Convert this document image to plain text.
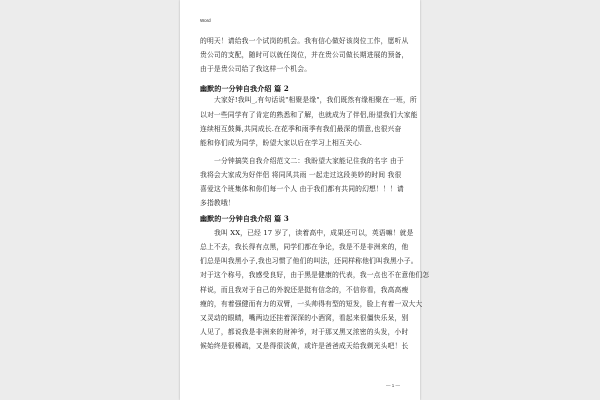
Word
的明天！请给我一个试岗的机会。我有信心做好该岗位工作，愿听从
贵公司的支配，随时可以就任岗位，并在贵公司做长期进展的预备，
由于是贵公司给了我这样一个机会。
幽默的一分钟自我介绍 篇 2
大家好!我叫_,有句话说"相聚是缘"，我们既然有缘相聚在一班，所
以对一些同学有了肯定的熟悉和了解，也就成为了伴侣,盼望我们大家能
连续相互鼓舞,共同成长.在花季和雨季有我们最深的情意,也很兴奋
能和你们成为同学，盼望大家以后在学习上相互关心.
一分钟搞笑自我介绍范文二：我盼望大家能记住我的名字 由于
我将会大家成为好伴侣 将同风共雨 一起走过这段美妙的时间 我很
喜爱这个班集体和你们每一个人 由于我们都有共同的幻想！！！请
多指教哦！
幽默的一分钟自我介绍 篇 3
我叫 XX，已经 17 岁了，读着高中，成果还可以，英语嘛！就是
总上不去，我长得有点黑，同学们都在争论，我是不是非洲来的，他
们总是叫我黑小子,我也习惯了他们的叫法，还同样称他们叫我黑小子。
对于这个称号，我感受良好，由于黑是健康的代表，我一点也不在意他们怎
样说，而且我对于自己的外貌还是挺有信念的，不信你看，我高高瘦
瘦的，有着强健而有力的双臂，一头帅得有型的短发，脸上有着一双大大
又灵动的眼睛，嘴两边还挂着深深的小酒窝，看起来很僵快乐呆，别
人见了，都说我是非洲来的财神爷，对于那又黑又浓密的头发，小时
候始终是很稀疏，又是得很淡黄，或许是爸爸成天给我剃光头吧！长
— 1 —
